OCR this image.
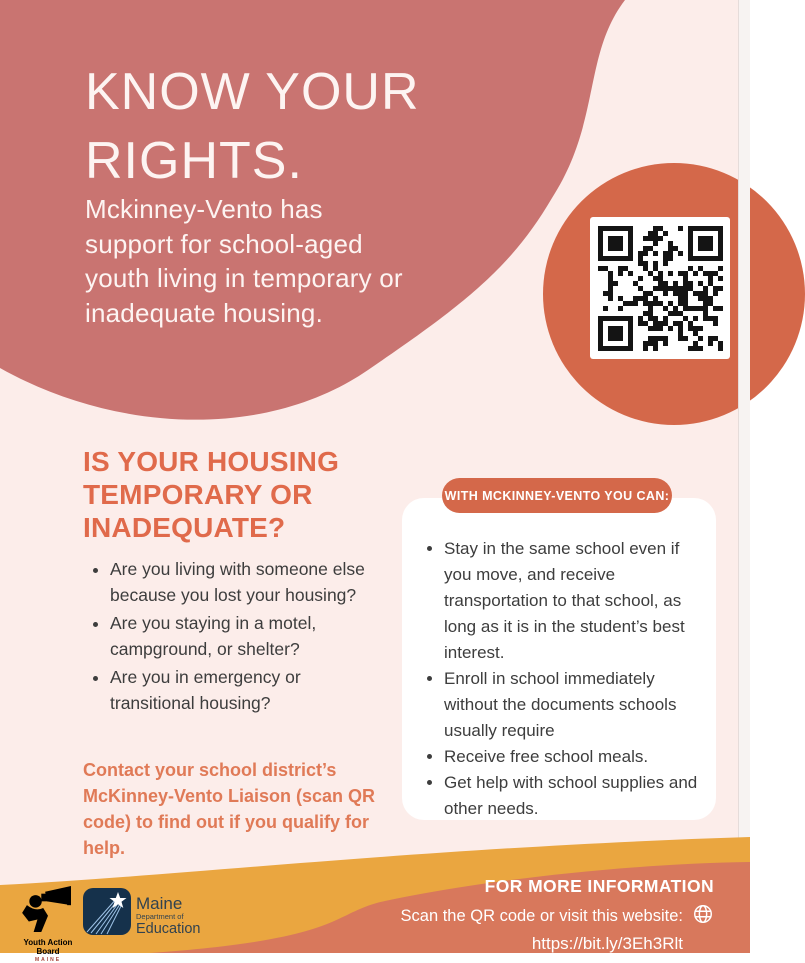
KNOW YOUR
RIGHTS.
Mckinney-Vento has
support for school-aged
youth living in temporary or
inadequate housing.
IS YOUR HOUSING
TEMPORARY OR
INADEQUATE?
• Are you living with someone else because you lost your housing?
• Are you staying in a motel, campground, or shelter?
• Are you in emergency or transitional housing?
Contact your school district’s
McKinney-Vento Liaison (scan QR
code) to find out if you qualify for
help.
• Stay in the same school even if you move, and receive transportation to that school, as long as it is in the student’s best interest.
• Enroll in school immediately without the documents schools usually require
• Receive free school meals.
• Get help with school supplies and other needs.
WITH MCKINNEY-VENTO YOU CAN:
FOR MORE INFORMATION
Scan the QR code or visit this website:
https://bit.ly/3Eh3Rlt
Youth Action Board
MAINE
Maine
Department of
Education
